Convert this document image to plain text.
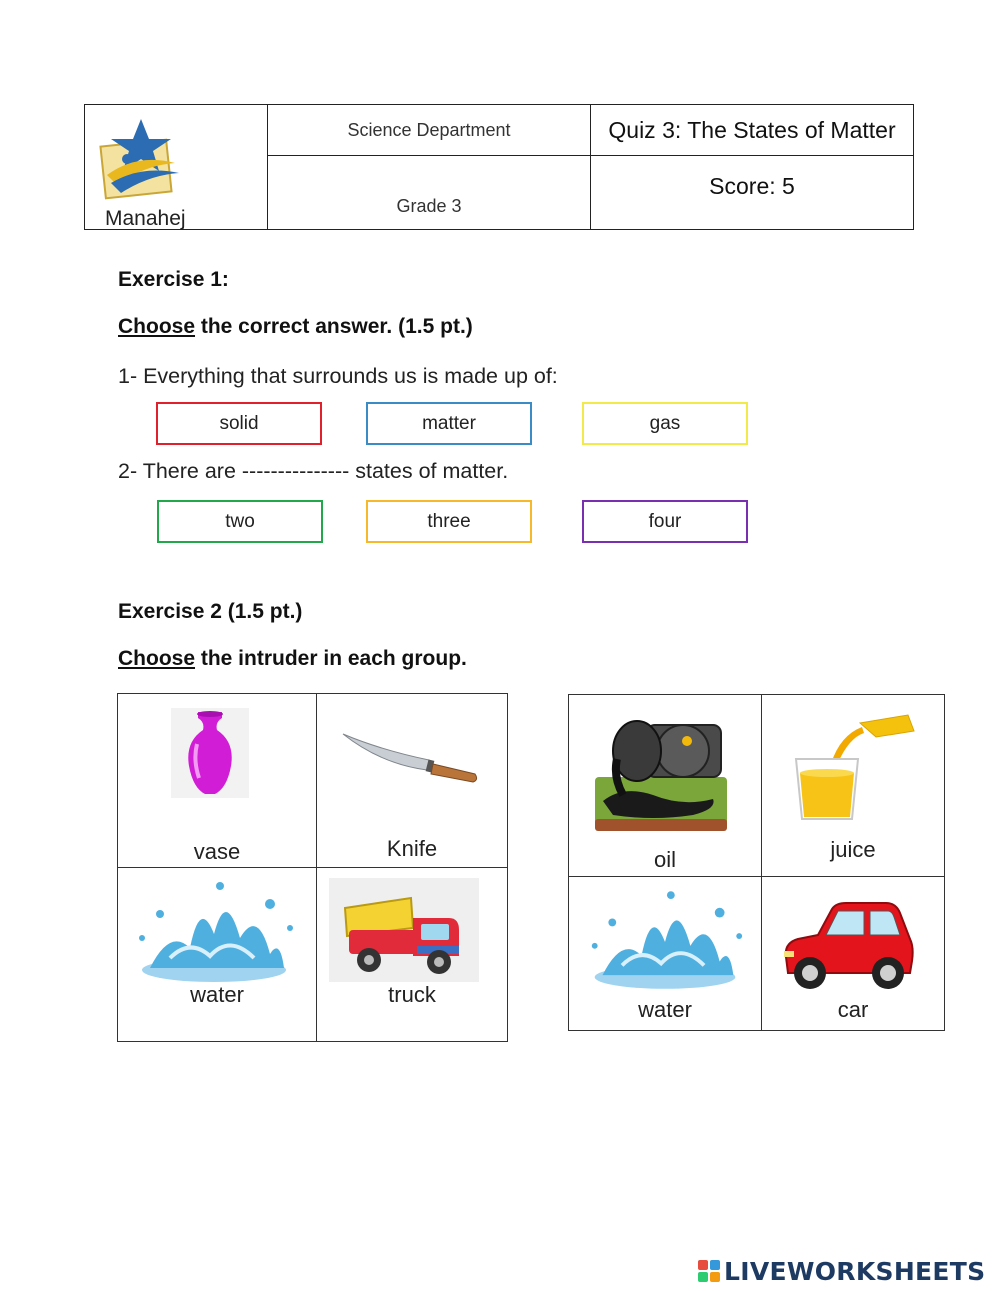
Manahej
Science Department
Grade 3
Quiz 3: The States of Matter
Score: 5
Exercise 1:
Choose the correct answer. (1.5 pt.)
1- Everything that surrounds us is made up of:
solid	matter	gas
2- There are --------------- states of matter.
two	three	four
Exercise 2 (1.5 pt.)
Choose the intruder in each group.
vase	Knife
water	truck
oil	juice
water	car
LIVEWORKSHEETS
